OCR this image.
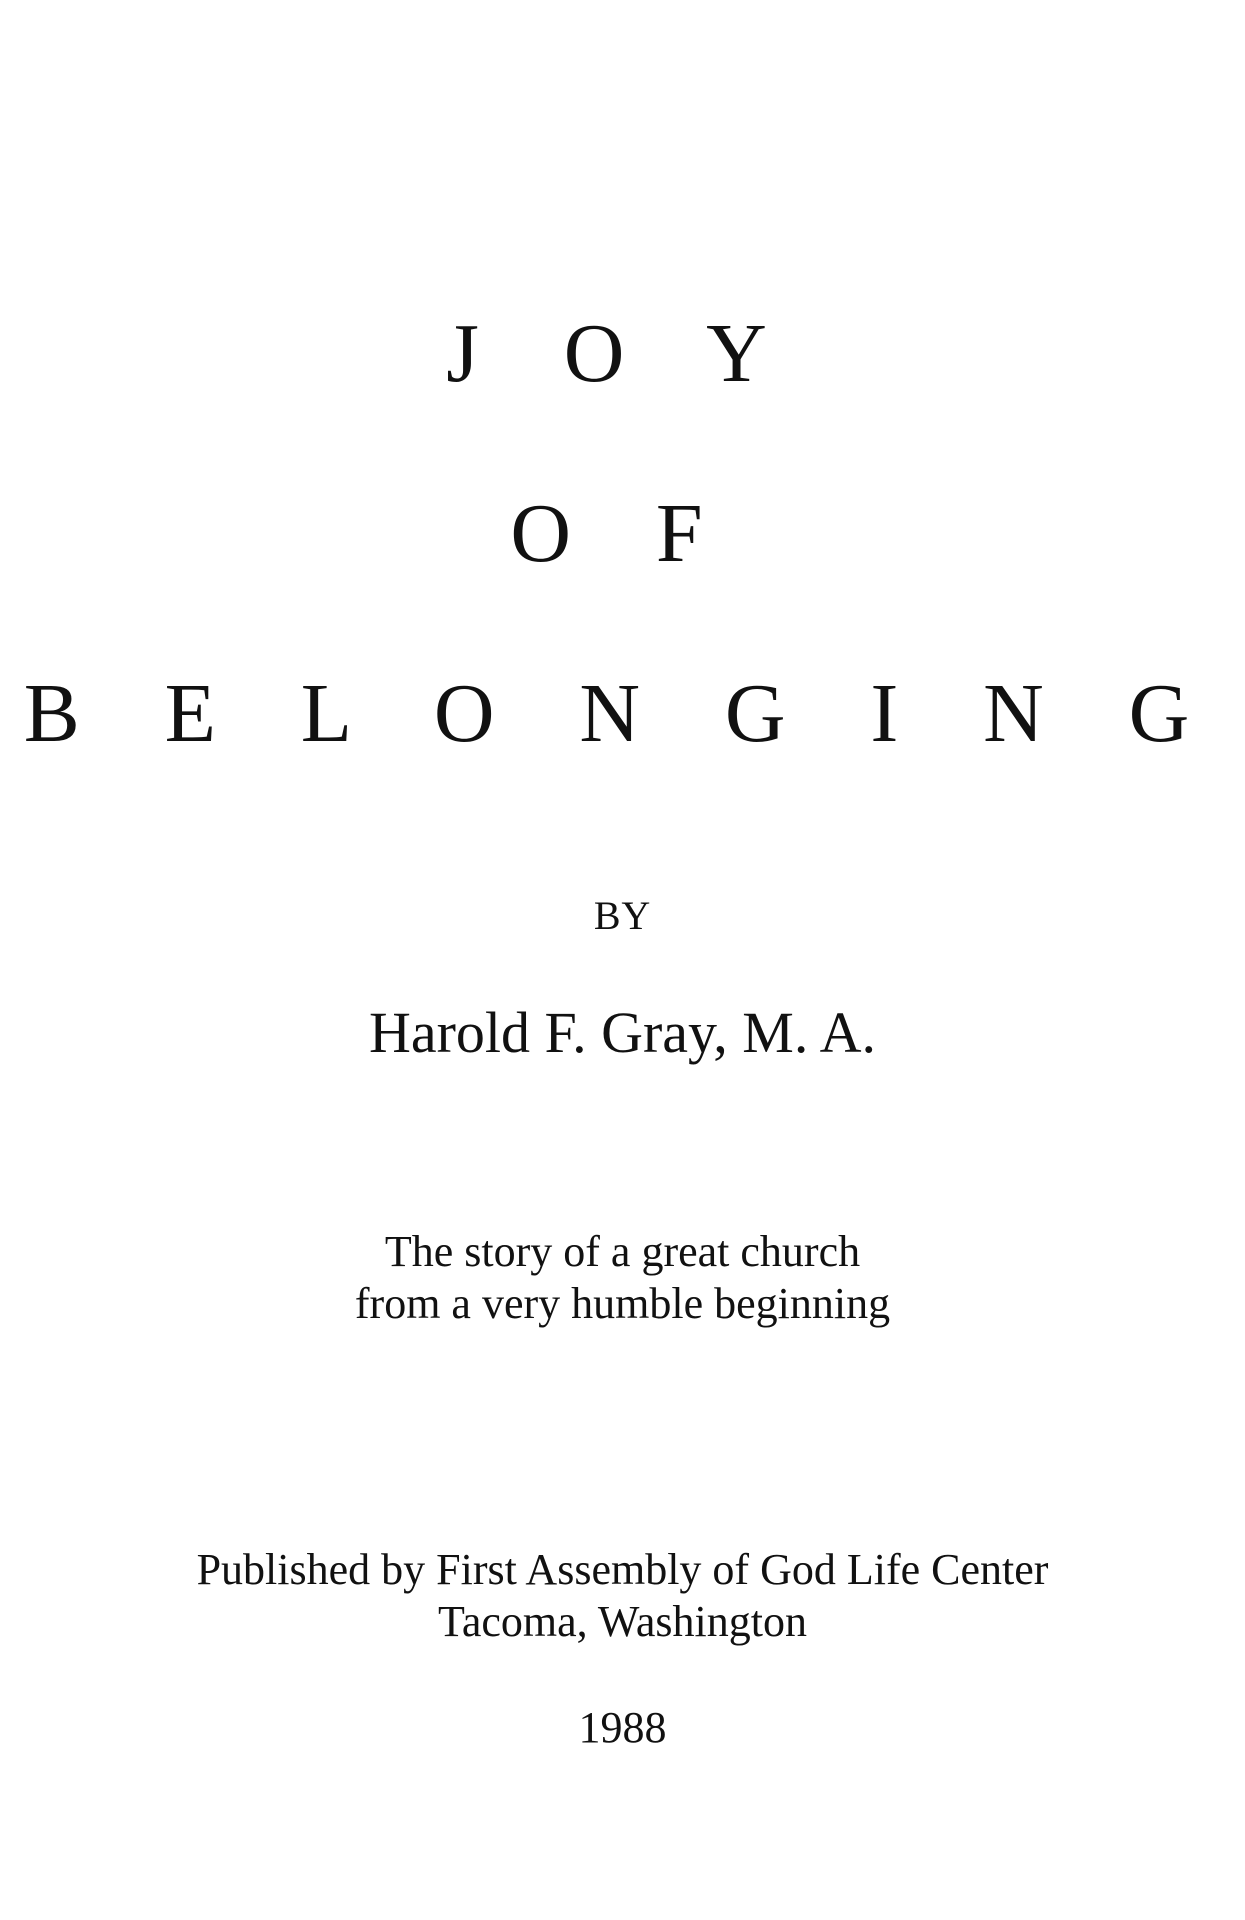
J O Y
O F
B E L O N G I N G
BY
Harold F. Gray, M. A.
The story of a great church
from a very humble beginning
Published by First Assembly of God Life Center
Tacoma, Washington
1988
